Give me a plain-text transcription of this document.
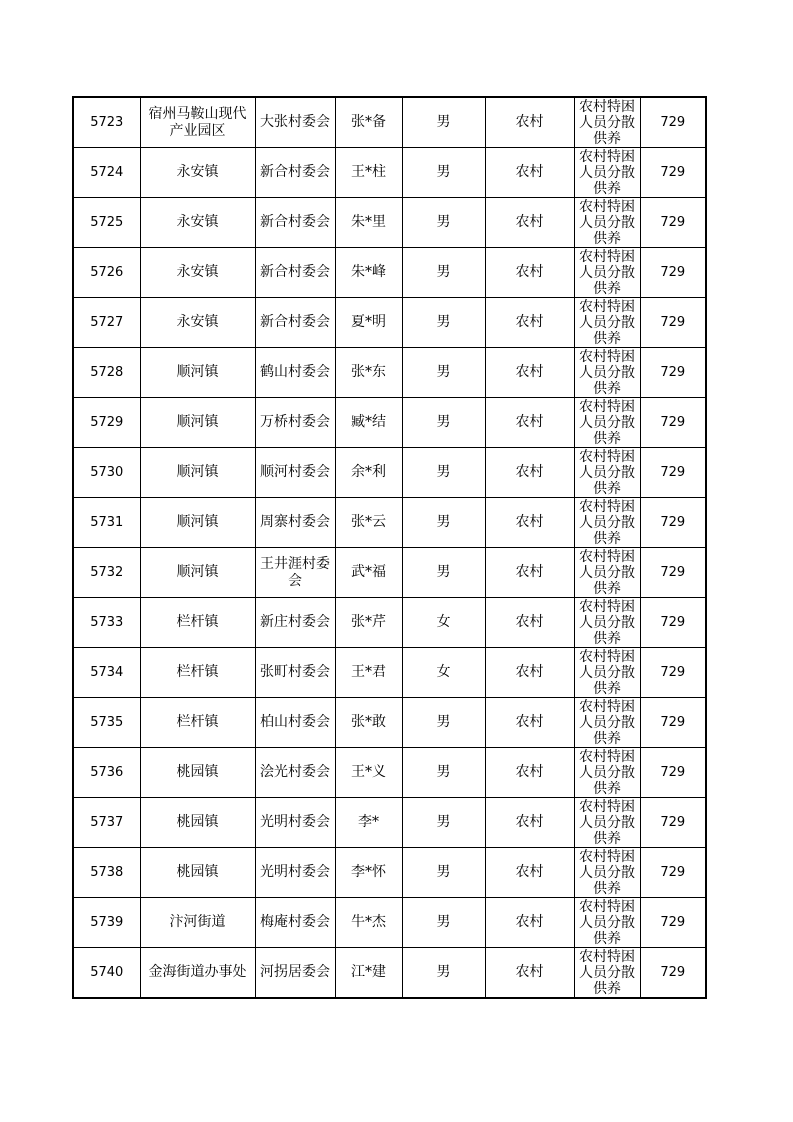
5723	宿州马鞍山现代产业园区	大张村委会	张*备	男	农村	农村特困人员分散供养	729

5724	永安镇	新合村委会	王*柱	男	农村	农村特困人员分散供养	729

5725	永安镇	新合村委会	朱*里	男	农村	农村特困人员分散供养	729

5726	永安镇	新合村委会	朱*峰	男	农村	农村特困人员分散供养	729

5727	永安镇	新合村委会	夏*明	男	农村	农村特困人员分散供养	729

5728	顺河镇	鹤山村委会	张*东	男	农村	农村特困人员分散供养	729

5729	顺河镇	万桥村委会	臧*结	男	农村	农村特困人员分散供养	729

5730	顺河镇	顺河村委会	余*利	男	农村	农村特困人员分散供养	729

5731	顺河镇	周寨村委会	张*云	男	农村	农村特困人员分散供养	729

5732	顺河镇	王井涯村委会	武*福	男	农村	农村特困人员分散供养	729

5733	栏杆镇	新庄村委会	张*芹	女	农村	农村特困人员分散供养	729

5734	栏杆镇	张町村委会	王*君	女	农村	农村特困人员分散供养	729

5735	栏杆镇	柏山村委会	张*敢	男	农村	农村特困人员分散供养	729

5736	桃园镇	浍光村委会	王*义	男	农村	农村特困人员分散供养	729

5737	桃园镇	光明村委会	李*	男	农村	农村特困人员分散供养	729

5738	桃园镇	光明村委会	李*怀	男	农村	农村特困人员分散供养	729

5739	汴河街道	梅庵村委会	牛*杰	男	农村	农村特困人员分散供养	729

5740	金海街道办事处	河拐居委会	江*建	男	农村	农村特困人员分散供养	729
